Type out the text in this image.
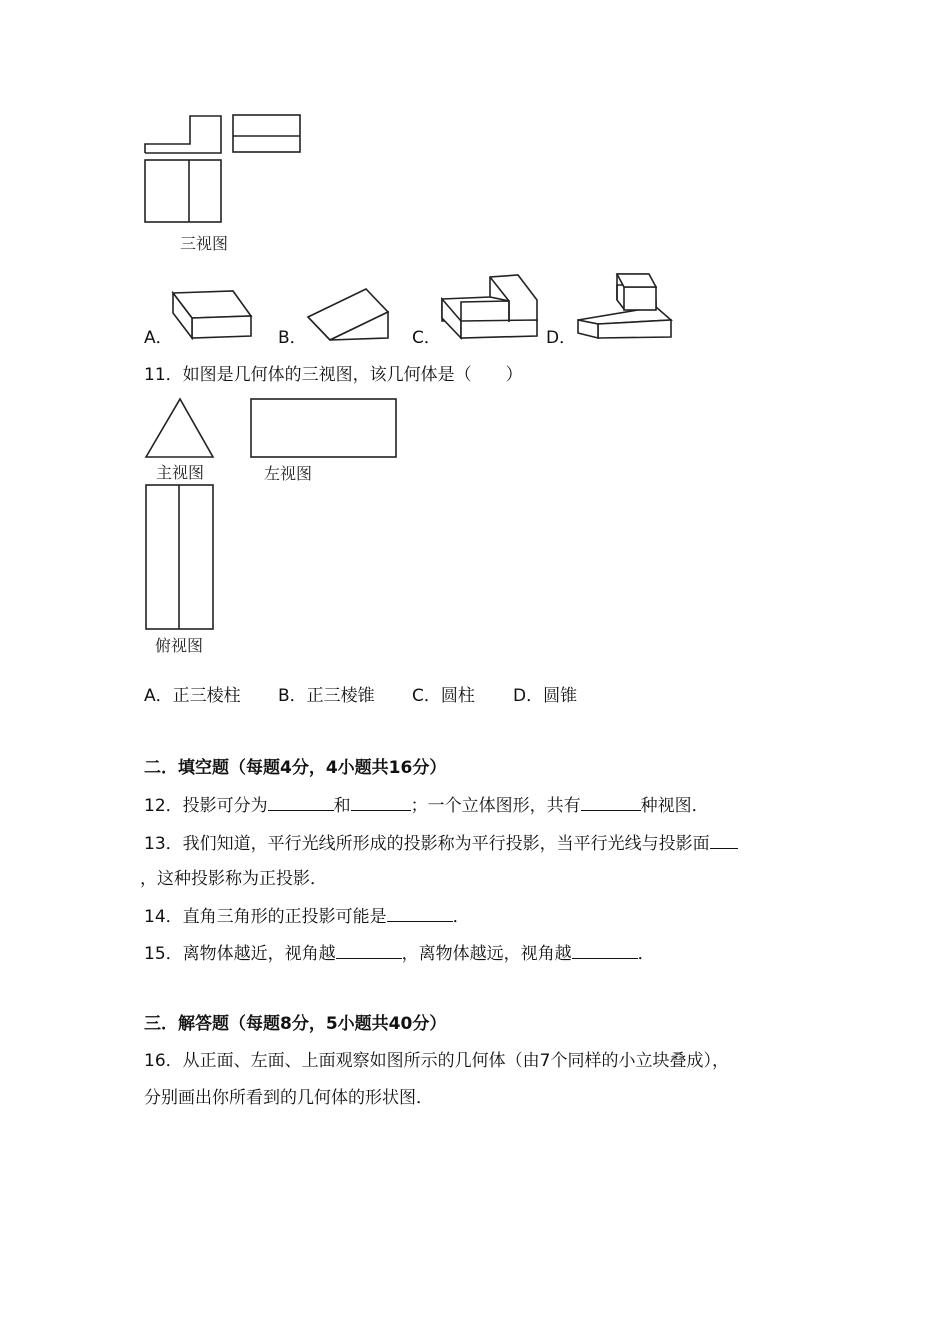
三视图
A．	B．	C．	D．
11．如图是几何体的三视图，该几何体是（　　）
主视图	左视图
俯视图
A．正三棱柱 B．正三棱锥 C．圆柱 D．圆锥
二．填空题（每题4分，4小题共16分）
12．投影可分为	和	；一个立体图形，共有	种视图．
13．我们知道，平行光线所形成的投影称为平行投影，当平行光线与投影面
，这种投影称为正投影．
14．直角三角形的正投影可能是	．
15．离物体越近，视角越	，离物体越远，视角越	．
三．解答题（每题8分，5小题共40分）
16．从正面、左面、上面观察如图所示的几何体（由7个同样的小立块叠成），
分别画出你所看到的几何体的形状图．
